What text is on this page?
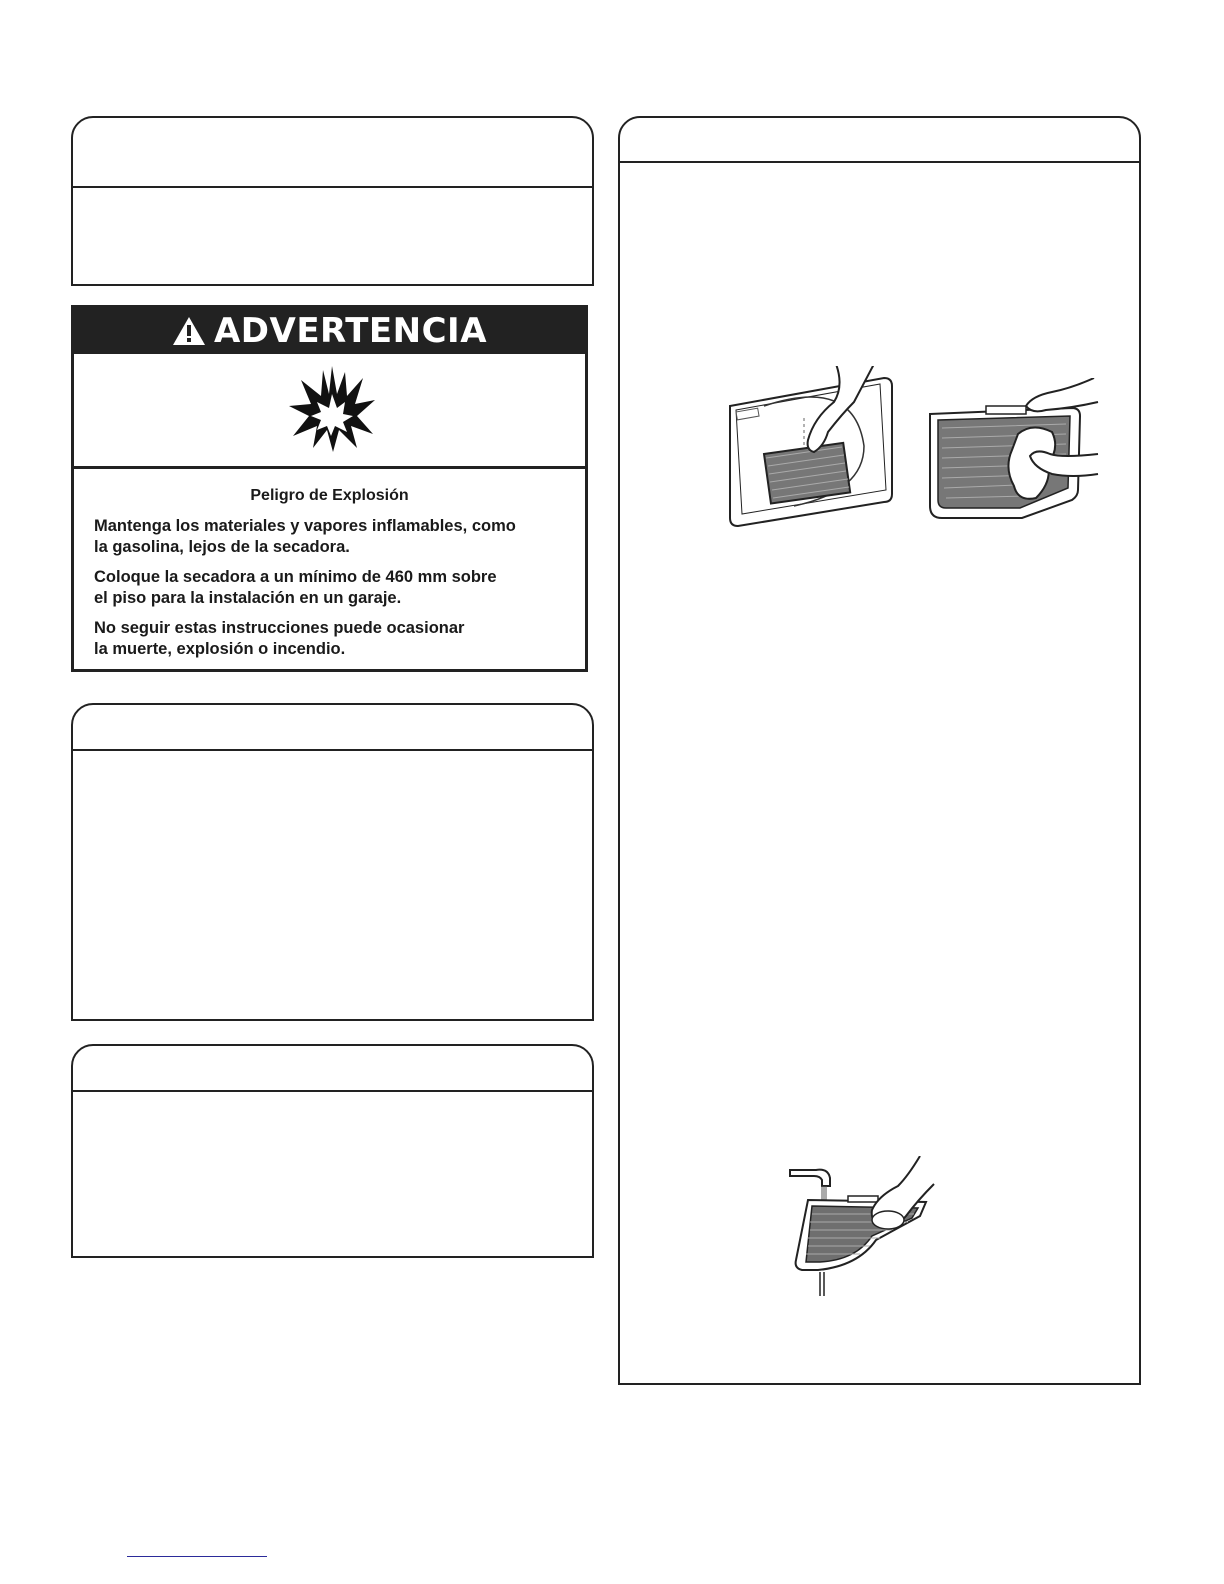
ADVERTENCIA

Peligro de Explosión

Mantenga los materiales y vapores inflamables, como
la gasolina, lejos de la secadora.

Coloque la secadora a un mínimo de 460 mm sobre
el piso para la instalación en un garaje.

No seguir estas instrucciones puede ocasionar
la muerte, explosión o incendio.
